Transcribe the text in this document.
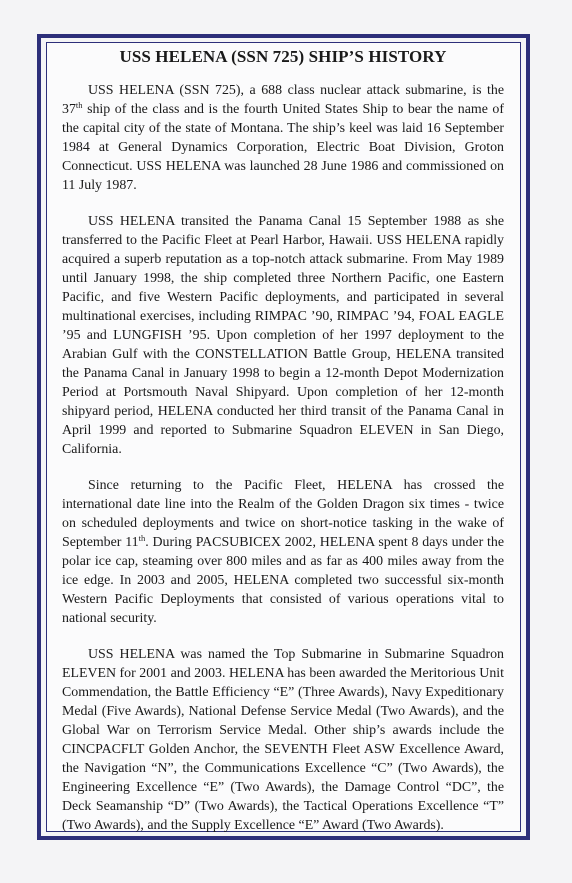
USS HELENA (SSN 725) SHIP’S HISTORY

USS HELENA (SSN 725), a 688 class nuclear attack submarine, is the 37th ship of the class and is the fourth United States Ship to bear the name of the capital city of the state of Montana. The ship’s keel was laid 16 September 1984 at General Dynamics Corporation, Electric Boat Division, Groton Connecticut. USS HELENA was launched 28 June 1986 and commissioned on 11 July 1987.

USS HELENA transited the Panama Canal 15 September 1988 as she transferred to the Pacific Fleet at Pearl Harbor, Hawaii. USS HELENA rapidly acquired a superb reputation as a top-notch attack submarine. From May 1989 until January 1998, the ship completed three Northern Pacific, one Eastern Pacific, and five Western Pacific deployments, and participated in several multinational exercises, including RIMPAC ’90, RIMPAC ’94, FOAL EAGLE ’95 and LUNGFISH ’95. Upon completion of her 1997 deployment to the Arabian Gulf with the CONSTELLATION Battle Group, HELENA transited the Panama Canal in January 1998 to begin a 12-month Depot Modernization Period at Portsmouth Naval Shipyard. Upon completion of her 12-month shipyard period, HELENA conducted her third transit of the Panama Canal in April 1999 and reported to Submarine Squadron ELEVEN in San Diego, California.

Since returning to the Pacific Fleet, HELENA has crossed the international date line into the Realm of the Golden Dragon six times - twice on scheduled deployments and twice on short-notice tasking in the wake of September 11th. During PACSUBICEX 2002, HELENA spent 8 days under the polar ice cap, steaming over 800 miles and as far as 400 miles away from the ice edge. In 2003 and 2005, HELENA completed two successful six-month Western Pacific Deployments that consisted of various operations vital to national security.

USS HELENA was named the Top Submarine in Submarine Squadron ELEVEN for 2001 and 2003. HELENA has been awarded the Meritorious Unit Commendation, the Battle Efficiency “E” (Three Awards), Navy Expeditionary Medal (Five Awards), National Defense Service Medal (Two Awards), and the Global War on Terrorism Service Medal. Other ship’s awards include the CINCPACFLT Golden Anchor, the SEVENTH Fleet ASW Excellence Award, the Navigation “N”, the Communications Excellence “C” (Two Awards), the Engineering Excellence “E” (Two Awards), the Damage Control “DC”, the Deck Seamanship “D” (Two Awards), the Tactical Operations Excellence “T” (Two Awards), and the Supply Excellence “E” Award (Two Awards).
